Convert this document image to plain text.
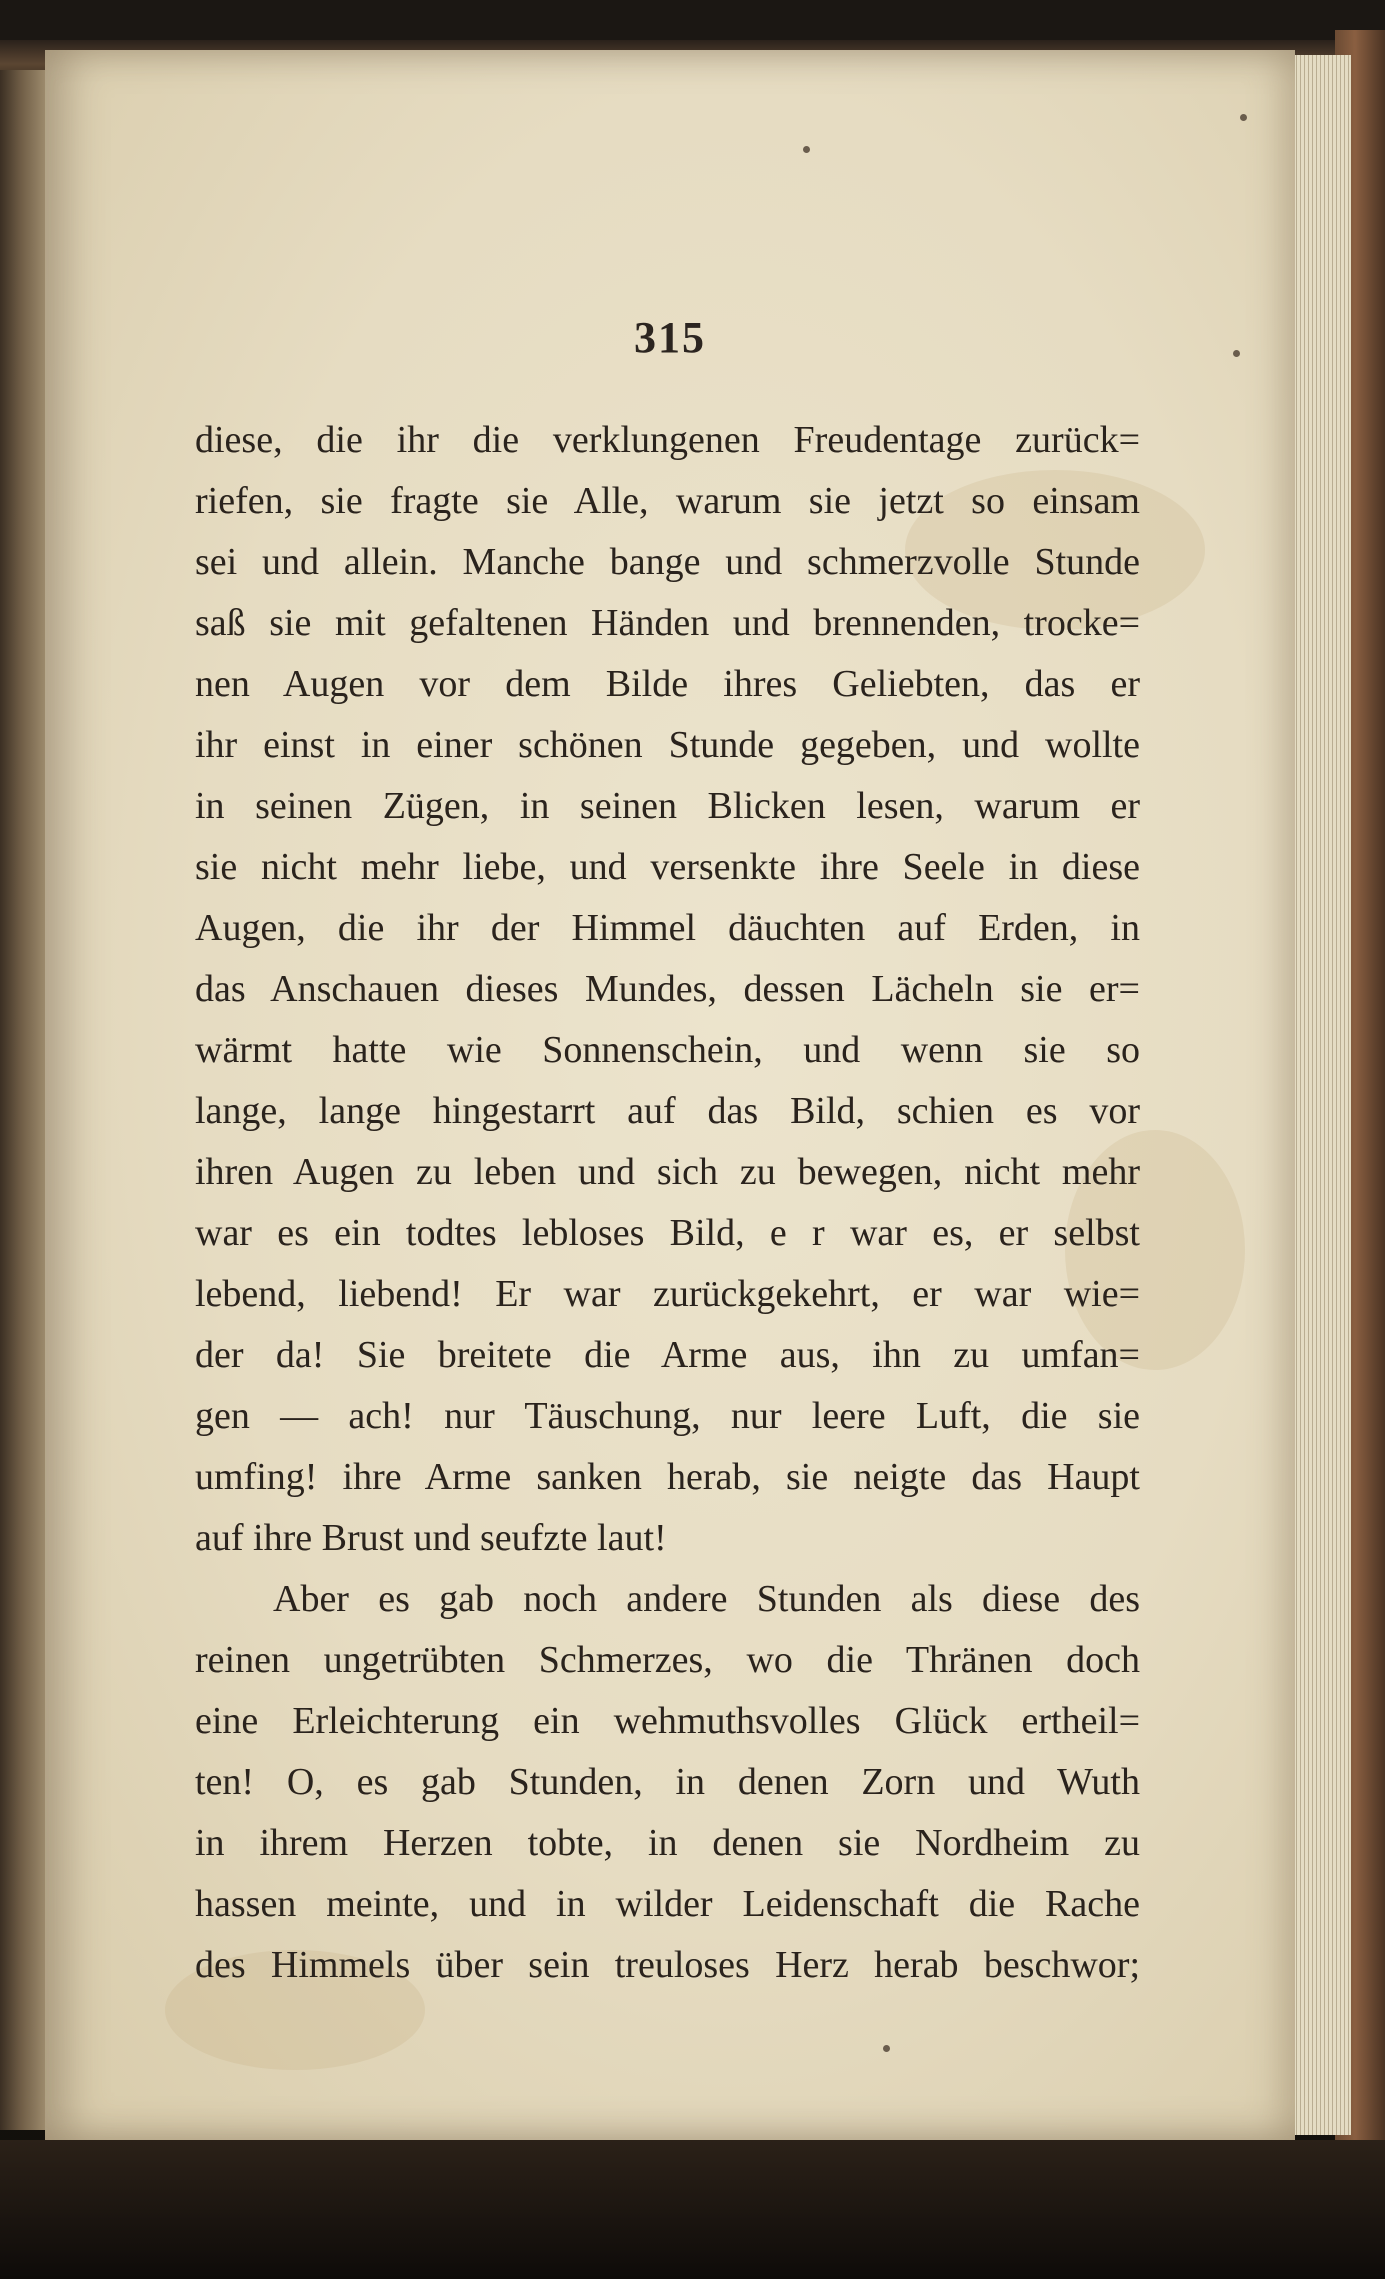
315
diese, die ihr die verklungenen Freudentage zurück=
riefen, sie fragte sie Alle, warum sie jetzt so einsam
sei und allein. Manche bange und schmerzvolle Stunde
saß sie mit gefaltenen Händen und brennenden, trocke=
nen Augen vor dem Bilde ihres Geliebten, das er
ihr einst in einer schönen Stunde gegeben, und wollte
in seinen Zügen, in seinen Blicken lesen, warum er
sie nicht mehr liebe, und versenkte ihre Seele in diese
Augen, die ihr der Himmel däuchten auf Erden, in
das Anschauen dieses Mundes, dessen Lächeln sie er=
wärmt hatte wie Sonnenschein, und wenn sie so
lange, lange hingestarrt auf das Bild, schien es vor
ihren Augen zu leben und sich zu bewegen, nicht mehr
war es ein todtes lebloses Bild, e r war es, er selbst
lebend, liebend! Er war zurückgekehrt, er war wie=
der da! Sie breitete die Arme aus, ihn zu umfan=
gen — ach! nur Täuschung, nur leere Luft, die sie
umfing! ihre Arme sanken herab, sie neigte das Haupt
auf ihre Brust und seufzte laut!
Aber es gab noch andere Stunden als diese des
reinen ungetrübten Schmerzes, wo die Thränen doch
eine Erleichterung ein wehmuthsvolles Glück ertheil=
ten! O, es gab Stunden, in denen Zorn und Wuth
in ihrem Herzen tobte, in denen sie Nordheim zu
hassen meinte, und in wilder Leidenschaft die Rache
des Himmels über sein treuloses Herz herab beschwor;
